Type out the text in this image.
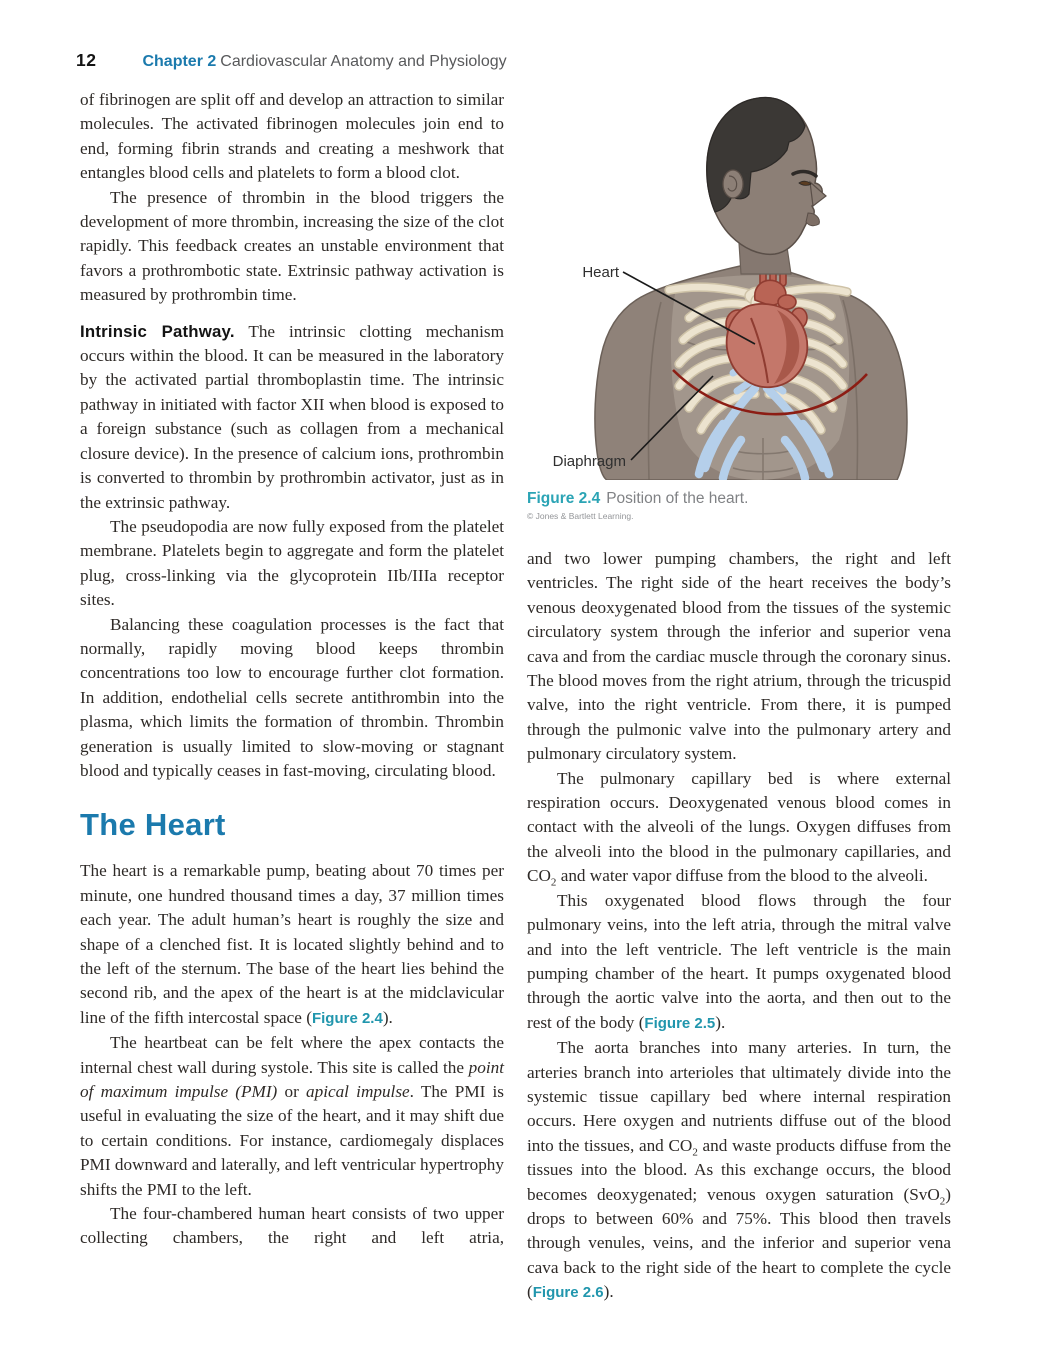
12	Chapter 2 Cardiovascular Anatomy and Physiology

of fibrinogen are split off and develop an attraction to similar molecules. The activated fibrinogen molecules join end to end, forming fibrin strands and creating a meshwork that entangles blood cells and platelets to form a blood clot.

The presence of thrombin in the blood triggers the development of more thrombin, increasing the size of the clot rapidly. This feedback creates an unstable environment that favors a prothrombotic state. Extrinsic pathway activation is measured by prothrombin time.

Intrinsic Pathway. The intrinsic clotting mechanism occurs within the blood. It can be measured in the laboratory by the activated partial thromboplastin time. The intrinsic pathway in initiated with factor XII when blood is exposed to a foreign substance (such as collagen from a mechanical closure device). In the presence of calcium ions, prothrombin is converted to thrombin by prothrombin activator, just as in the extrinsic pathway.

The pseudopodia are now fully exposed from the platelet membrane. Platelets begin to aggregate and form the platelet plug, cross-linking via the glycoprotein IIb/IIIa receptor sites.

Balancing these coagulation processes is the fact that normally, rapidly moving blood keeps thrombin concentrations too low to encourage further clot formation. In addition, endothelial cells secrete antithrombin into the plasma, which limits the formation of thrombin. Thrombin generation is usually limited to slow-moving or stagnant blood and typically ceases in fast-moving, circulating blood.

The Heart

The heart is a remarkable pump, beating about 70 times per minute, one hundred thousand times a day, 37 million times each year. The adult human’s heart is roughly the size and shape of a clenched fist. It is located slightly behind and to the left of the sternum. The base of the heart lies behind the second rib, and the apex of the heart is at the midclavicular line of the fifth intercostal space (Figure 2.4).

The heartbeat can be felt where the apex contacts the internal chest wall during systole. This site is called the point of maximum impulse (PMI) or apical impulse. The PMI is useful in evaluating the size of the heart, and it may shift due to certain conditions. For instance, cardiomegaly displaces PMI downward and laterally, and left ventricular hypertrophy shifts the PMI to the left.

The four-chambered human heart consists of two upper collecting chambers, the right and left atria,

Heart
Diaphragm
Figure 2.4 Position of the heart.
© Jones & Bartlett Learning.

and two lower pumping chambers, the right and left ventricles. The right side of the heart receives the body’s venous deoxygenated blood from the tissues of the systemic circulatory system through the inferior and superior vena cava and from the cardiac muscle through the coronary sinus. The blood moves from the right atrium, through the tricuspid valve, into the right ventricle. From there, it is pumped through the pulmonic valve into the pulmonary artery and pulmonary circulatory system.

The pulmonary capillary bed is where external respiration occurs. Deoxygenated venous blood comes in contact with the alveoli of the lungs. Oxygen diffuses from the alveoli into the blood in the pulmonary capillaries, and $CO_2$ and water vapor diffuse from the blood to the alveoli.

This oxygenated blood flows through the four pulmonary veins, into the left atria, through the mitral valve and into the left ventricle. The left ventricle is the main pumping chamber of the heart. It pumps oxygenated blood through the aortic valve into the aorta, and then out to the rest of the body (Figure 2.5).

The aorta branches into many arteries. In turn, the arteries branch into arterioles that ultimately divide into the systemic tissue capillary bed where internal respiration occurs. Here oxygen and nutrients diffuse out of the blood into the tissues, and $CO_2$ and waste products diffuse from the tissues into the blood. As this exchange occurs, the blood becomes deoxygenated; venous oxygen saturation (SvO$_2$) drops to between 60% and 75%. This blood then travels through venules, veins, and the inferior and superior vena cava back to the right side of the heart to complete the cycle (Figure 2.6).
